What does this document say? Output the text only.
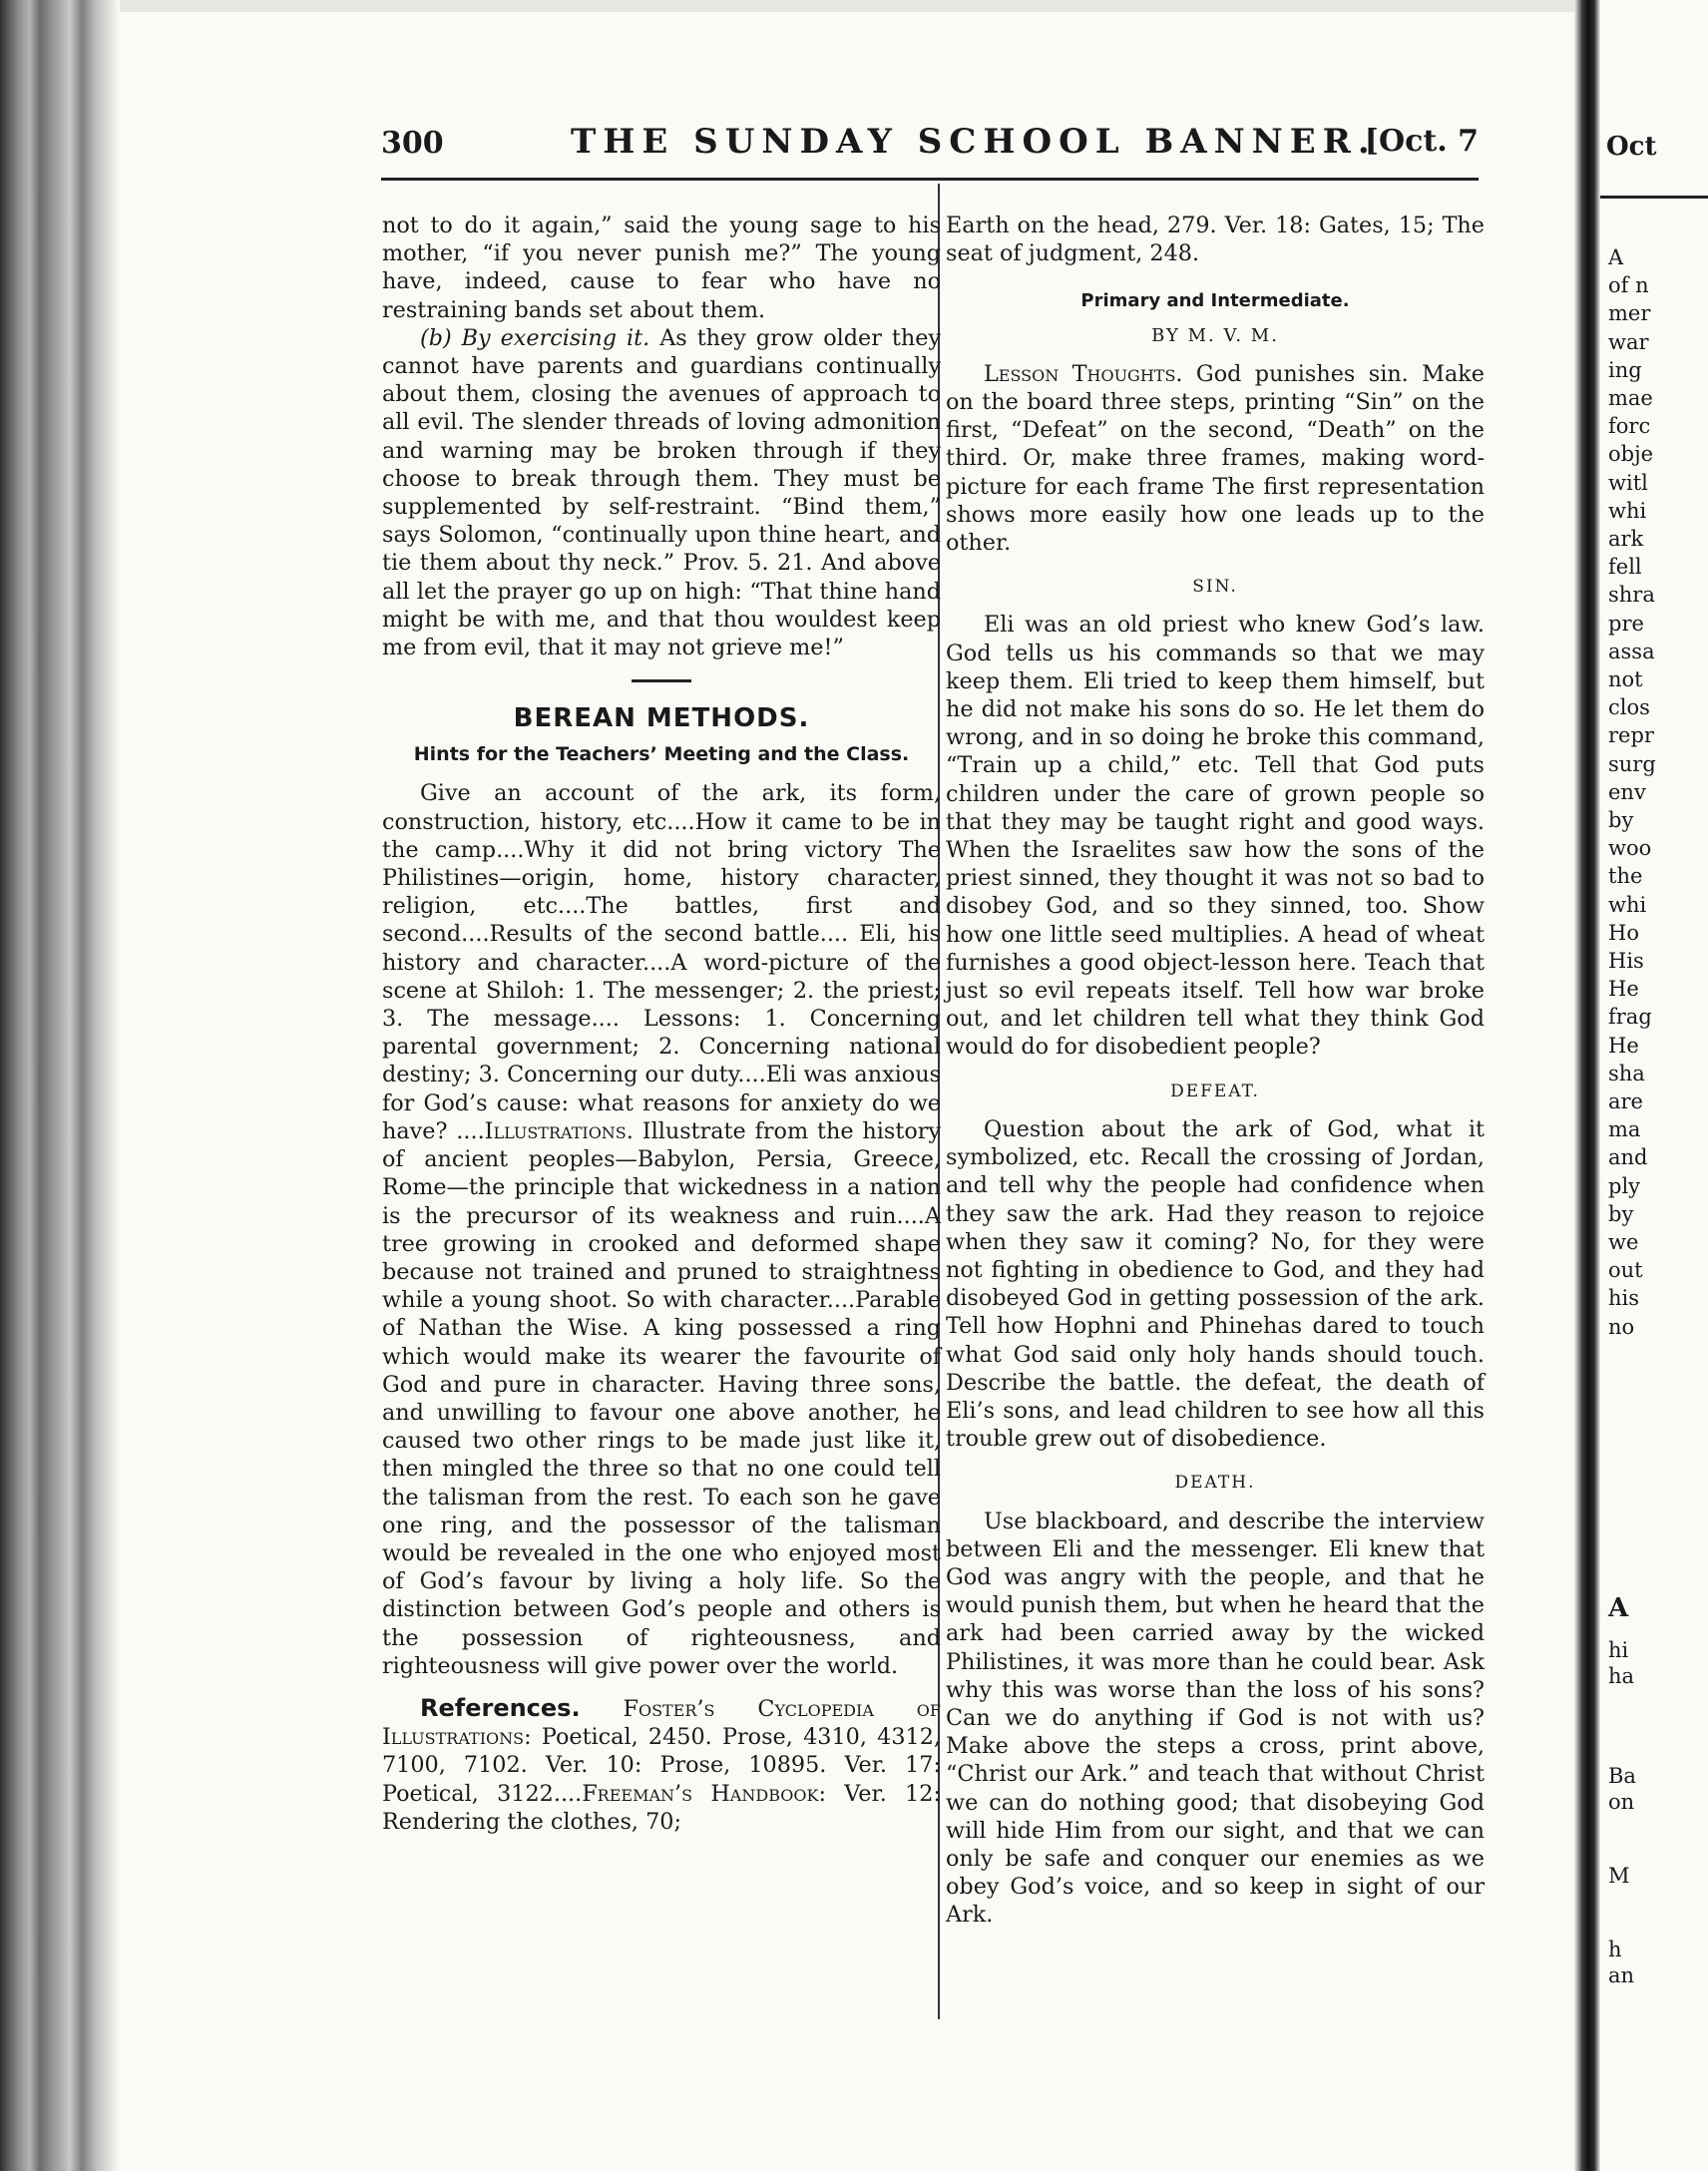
300	THE SUNDAY SCHOOL BANNER.
[Oct. 7

not to do it again,” said the young sage to his mother, “if you never punish me?” The young have, indeed, cause to fear who have no restraining bands set about them.

(b) By exercising it. As they grow older they cannot have parents and guardians continually about them, closing the avenues of approach to all evil. The slender threads of loving admonition and warning may be broken through if they choose to break through them. They must be supplemented by self-restraint. “Bind them,” says Solomon, “continually upon thine heart, and tie them about thy neck.” Prov. 5. 21. And above all let the prayer go up on high: “That thine hand might be with me, and that thou wouldest keep me from evil, that it may not grieve me!”

BEREAN METHODS.
Hints for the Teachers’ Meeting and the Class.

Give an account of the ark, its form, construction, history, etc....How it came to be in the camp....Why it did not bring victory The Philistines—origin, home, history character, religion, etc....The battles, first and second....Results of the second battle.... Eli, his history and character....A word-picture of the scene at Shiloh: 1. The messenger; 2. the priest; 3. The message.... Lessons: 1. Concerning parental government; 2. Concerning national destiny; 3. Concerning our duty....Eli was anxious for God’s cause: what reasons for anxiety do we have? ....Illustrations. Illustrate from the history of ancient peoples—Babylon, Persia, Greece, Rome—the principle that wickedness in a nation is the precursor of its weakness and ruin....A tree growing in crooked and deformed shape because not trained and pruned to straightness while a young shoot. So with character....Parable of Nathan the Wise. A king possessed a ring which would make its wearer the favourite of God and pure in character. Having three sons, and unwilling to favour one above another, he caused two other rings to be made just like it, then mingled the three so that no one could tell the talisman from the rest. To each son he gave one ring, and the possessor of the talisman would be revealed in the one who enjoyed most of God’s favour by living a holy life. So the distinction between God’s people and others is the possession of righteousness, and righteousness will give power over the world.

References. Foster’s Cyclopedia of Illustrations: Poetical, 2450. Prose, 4310, 4312, 7100, 7102. Ver. 10: Prose, 10895. Ver. 17: Poetical, 3122....Freeman’s Handbook: Ver. 12: Rendering the clothes, 70;

Earth on the head, 279. Ver. 18: Gates, 15; The seat of judgment, 248.

Primary and Intermediate.
BY M. V. M.

Lesson Thoughts. God punishes sin. Make on the board three steps, printing “Sin” on the first, “Defeat” on the second, “Death” on the third. Or, make three frames, making word-picture for each frame The first representation shows more easily how one leads up to the other.

SIN.

Eli was an old priest who knew God’s law. God tells us his commands so that we may keep them. Eli tried to keep them himself, but he did not make his sons do so. He let them do wrong, and in so doing he broke this command, “Train up a child,” etc. Tell that God puts children under the care of grown people so that they may be taught right and good ways. When the Israelites saw how the sons of the priest sinned, they thought it was not so bad to disobey God, and so they sinned, too. Show how one little seed multiplies. A head of wheat furnishes a good object-lesson here. Teach that just so evil repeats itself. Tell how war broke out, and let children tell what they think God would do for disobedient people?

DEFEAT.

Question about the ark of God, what it symbolized, etc. Recall the crossing of Jordan, and tell why the people had confidence when they saw the ark. Had they reason to rejoice when they saw it coming? No, for they were not fighting in obedience to God, and they had disobeyed God in getting possession of the ark. Tell how Hophni and Phinehas dared to touch what God said only holy hands should touch. Describe the battle. the defeat, the death of Eli’s sons, and lead children to see how all this trouble grew out of disobedience.

DEATH.

Use blackboard, and describe the interview between Eli and the messenger. Eli knew that God was angry with the people, and that he would punish them, but when he heard that the ark had been carried away by the wicked Philistines, it was more than he could bear. Ask why this was worse than the loss of his sons? Can we do anything if God is not with us? Make above the steps a cross, print above, “Christ our Ark.” and teach that without Christ we can do nothing good; that disobeying God will hide Him from our sight, and that we can only be safe and conquer our enemies as we obey God’s voice, and so keep in sight of our Ark.

Oct
A
of n
mer
war
ing
mae
forc
obje
witl
whi
ark
fell
shra
pre
assa
not
clos
repr
surg
env
by
woo
the
whi
Ho
His
He
frag
He
sha
are
ma
and
ply
by
we
out
his
no
A
hi
ha
Ba
on
M
h
an
